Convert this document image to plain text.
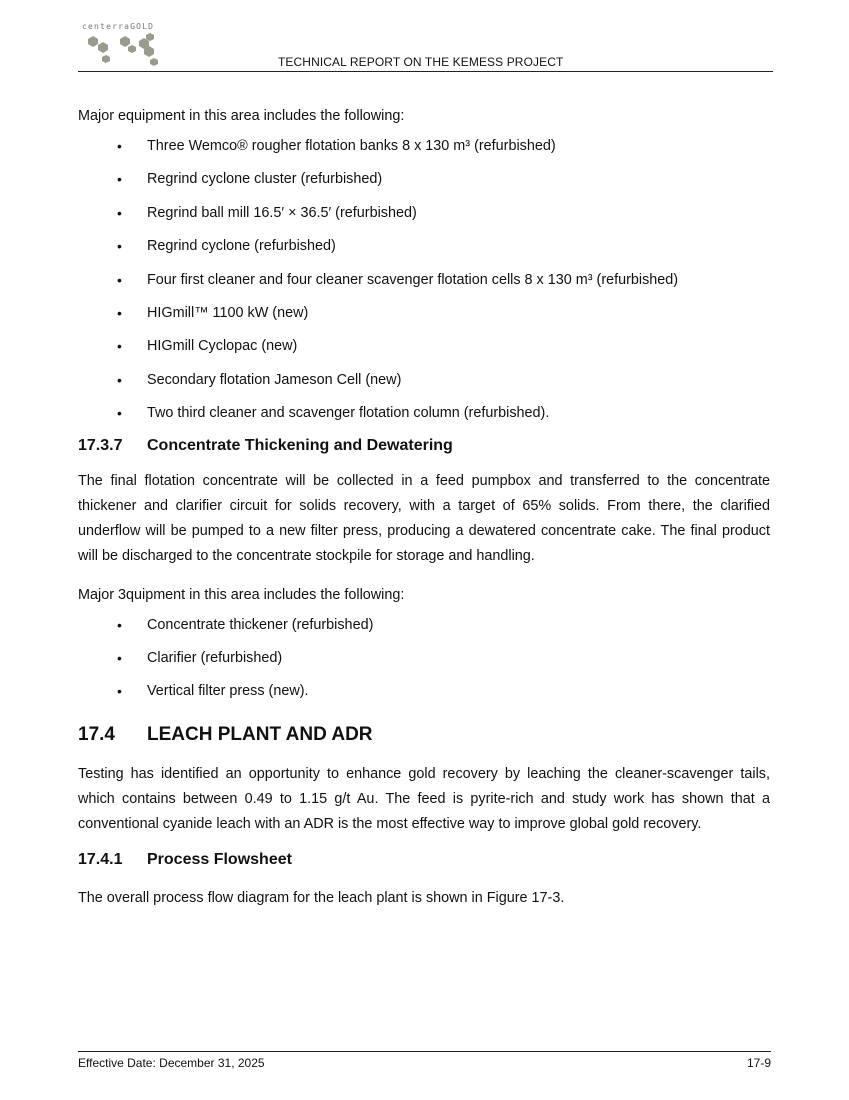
centerraGOLD
TECHNICAL REPORT ON THE KEMESS PROJECT

Major equipment in this area includes the following:

• Three Wemco® rougher flotation banks 8 x 130 m³ (refurbished)
• Regrind cyclone cluster (refurbished)
• Regrind ball mill 16.5′ × 36.5′ (refurbished)
• Regrind cyclone (refurbished)
• Four first cleaner and four cleaner scavenger flotation cells 8 x 130 m³ (refurbished)
• HIGmill™ 1100 kW (new)
• HIGmill Cyclopac (new)
• Secondary flotation Jameson Cell (new)
• Two third cleaner and scavenger flotation column (refurbished).
17.3.7 Concentrate Thickening and Dewatering

The final flotation concentrate will be collected in a feed pumpbox and transferred to the concentrate thickener and clarifier circuit for solids recovery, with a target of 65% solids. From there, the clarified underflow will be pumped to a new filter press, producing a dewatered concentrate cake. The final product will be discharged to the concentrate stockpile for storage and handling.

Major 3quipment in this area includes the following:

• Concentrate thickener (refurbished)
• Clarifier (refurbished)
• Vertical filter press (new).
17.4 LEACH PLANT AND ADR

Testing has identified an opportunity to enhance gold recovery by leaching the cleaner-scavenger tails, which contains between 0.49 to 1.15 g/t Au. The feed is pyrite-rich and study work has shown that a conventional cyanide leach with an ADR is the most effective way to improve global gold recovery.

17.4.1 Process Flowsheet

The overall process flow diagram for the leach plant is shown in Figure 17-3.

Effective Date: December 31, 2025	17-9
